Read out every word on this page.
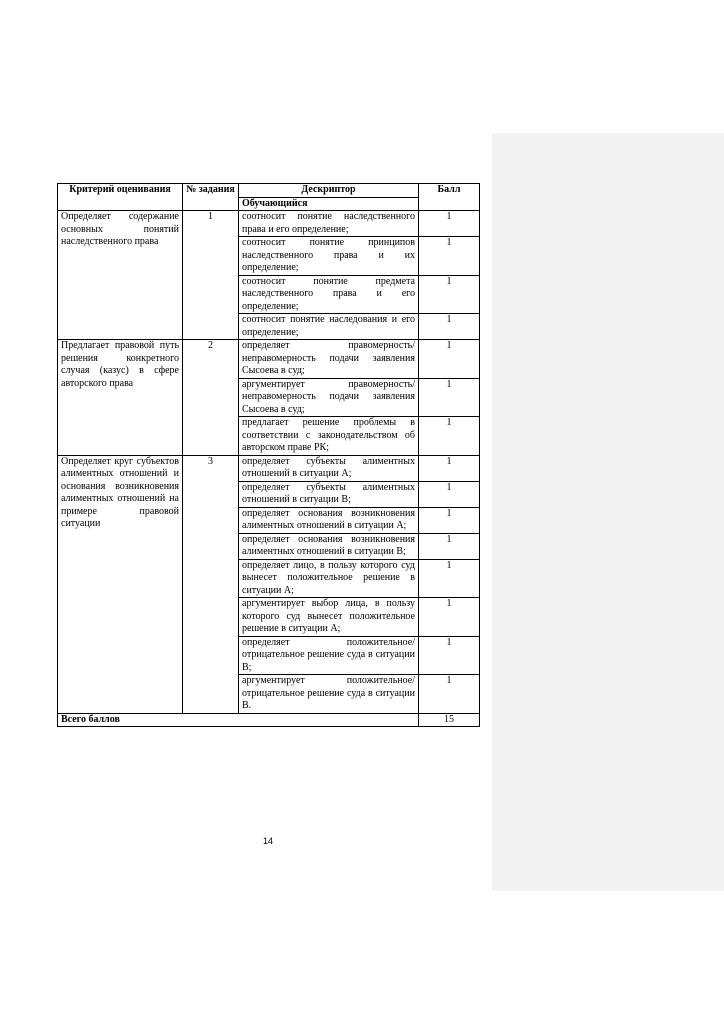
Критерий оценивания	№ задания	Дескриптор	Балл
		Обучающийся	
Определяет содержание основных понятий наследственного права	1	соотносит понятие наследственного права и его определение;	1
		соотносит понятие принципов наследственного права и их определение;	1
		соотносит понятие предмета наследственного права и его определение;	1
		соотносит понятие наследования и его определение;	1
Предлагает правовой путь решения конкретного случая (казус) в сфере авторского права	2	определяет правомерность/неправомерность подачи заявления Сысоева в суд;	1
		аргументирует правомерность/неправомерность подачи заявления Сысоева в суд;	1
		предлагает решение проблемы в соответствии с законодательством об авторском праве РК;	1
Определяет круг субъектов алиментных отношений и основания возникновения алиментных отношений на примере правовой ситуации	3	определяет субъекты алиментных отношений в ситуации А;	1
		определяет субъекты алиментных отношений в ситуации В;	1
		определяет основания возникновения алиментных отношений в ситуации А;	1
		определяет основания возникновения алиментных отношений в ситуации В;	1
		определяет лицо, в пользу которого суд вынесет положительное решение в ситуации А;	1
		аргументирует выбор лица, в пользу которого суд вынесет положительное решение в ситуации А;	1
		определяет положительное/отрицательное решение суда в ситуации В;	1
		аргументирует положительное/отрицательное решение суда в ситуации В.	1
Всего баллов			15
14
